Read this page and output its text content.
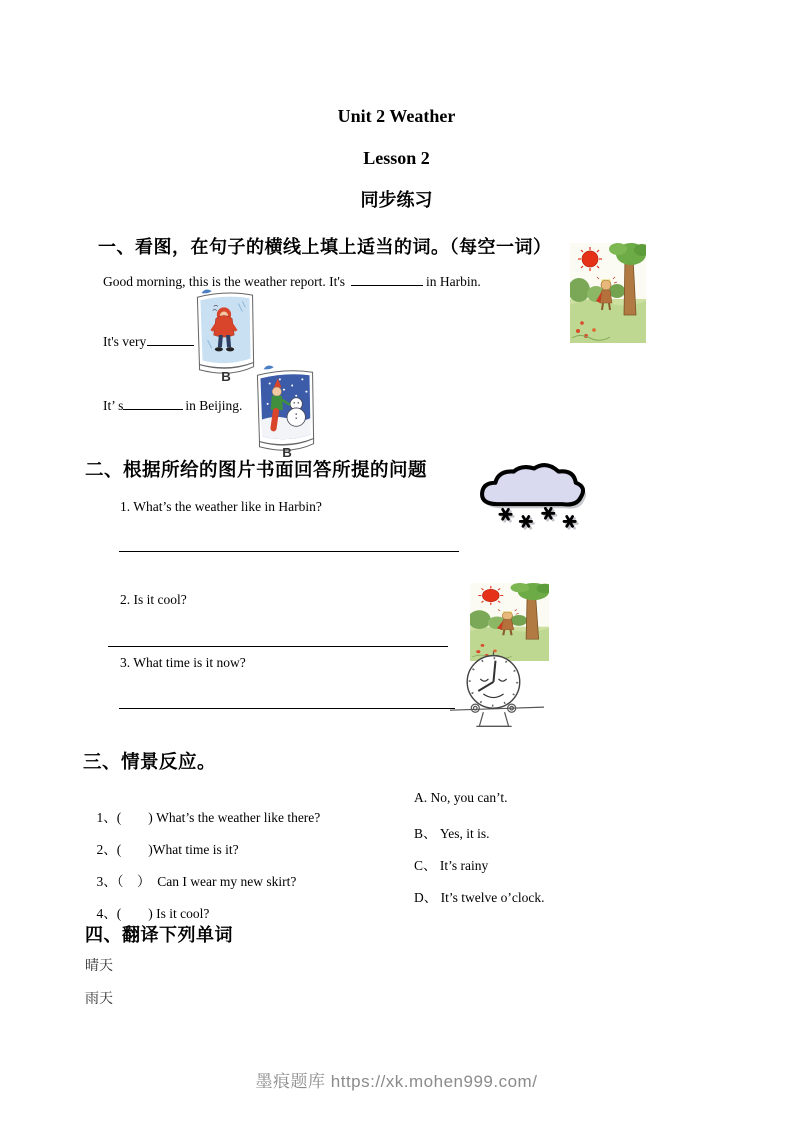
Unit 2 Weather
Lesson 2
同步练习
一、看图，在句子的横线上填上适当的词。（每空一词）
Good morning, this is the weather report. It's	in Harbin.
It's very
It’ s	in Beijing.
B
B
二、根据所给的图片书面回答所提的问题
1. What’s the weather like in Harbin?
2. Is it cool?
3. What time is it now?
三、情景反应。

1、(        ) What’s the weather like there?

A. No, you can’t.

2、(        )What time is it?

B、 Yes, it is.

3、（    ）  Can I wear my new skirt?

C、 It’s rainy

4、(        ) Is it cool?

D、 It’s twelve o’clock.

四、翻译下列单词
晴天
雨天
墨痕题库 https://xk.mohen999.com/
